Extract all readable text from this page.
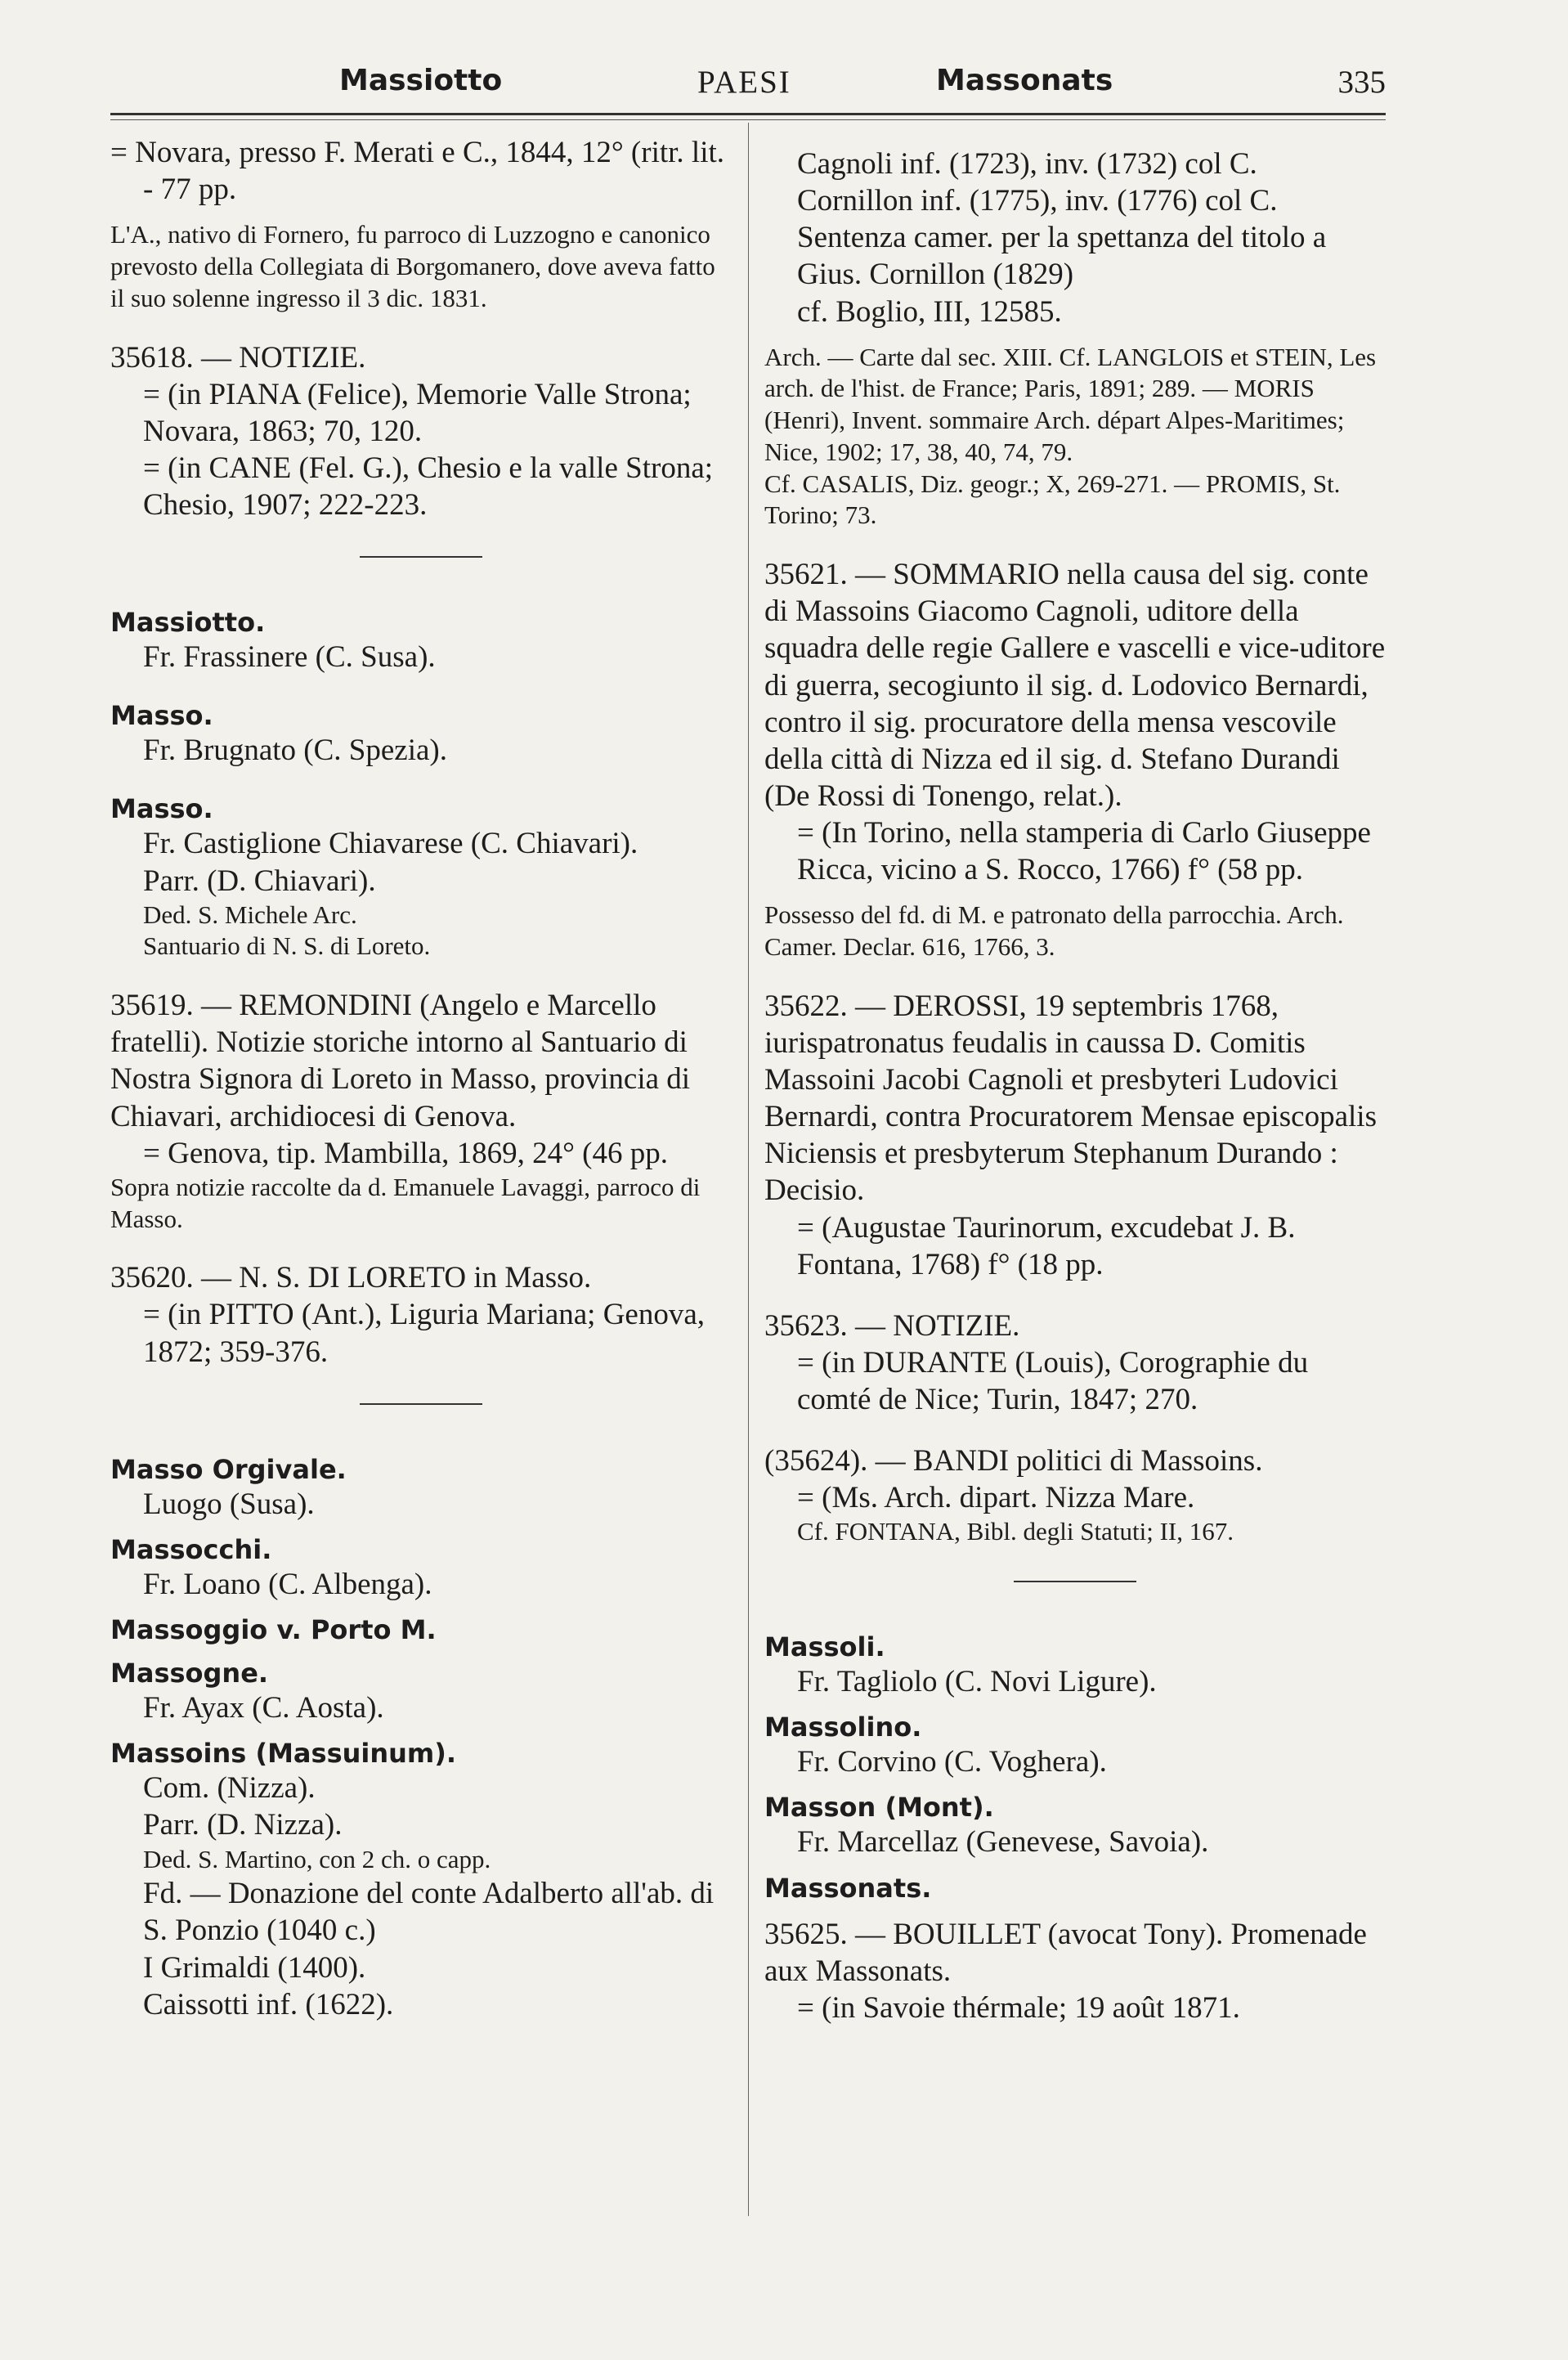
Massiotto	PAESI	Massonats	335

= Novara, presso F. Merati e C., 1844, 12° (ritr. lit. - 77 pp.

L'A., nativo di Fornero, fu parroco di Luzzogno e canonico prevosto della Collegiata di Borgomanero, dove aveva fatto il suo solenne ingresso il 3 dic. 1831.

35618. — NOTIZIE.

= (in PIANA (Felice), Memorie Valle Strona; Novara, 1863; 70, 120.

= (in CANE (Fel. G.), Chesio e la valle Strona; Chesio, 1907; 222-223.

Massiotto.

Fr. Frassinere (C. Susa).

Masso.

Fr. Brugnato (C. Spezia).

Masso.

Fr. Castiglione Chiavarese (C. Chiavari).

Parr. (D. Chiavari).

Ded. S. Michele Arc.

Santuario di N. S. di Loreto.

35619. — REMONDINI (Angelo e Marcello fratelli). Notizie storiche intorno al Santuario di Nostra Signora di Loreto in Masso, provincia di Chiavari, archidiocesi di Genova.

= Genova, tip. Mambilla, 1869, 24° (46 pp.

Sopra notizie raccolte da d. Emanuele Lavaggi, parroco di Masso.

35620. — N. S. DI LORETO in Masso.

= (in PITTO (Ant.), Liguria Mariana; Genova, 1872; 359-376.

Masso Orgivale.

Luogo (Susa).

Massocchi.

Fr. Loano (C. Albenga).

Massoggio v. Porto M.

Massogne.

Fr. Ayax (C. Aosta).

Massoins (Massuinum).

Com. (Nizza).

Parr. (D. Nizza).

Ded. S. Martino, con 2 ch. o capp.

Fd. — Donazione del conte Adalberto all'ab. di S. Ponzio (1040 c.)

I Grimaldi (1400).

Caissotti inf. (1622).

Cagnoli inf. (1723), inv. (1732) col C.

Cornillon inf. (1775), inv. (1776) col C.

Sentenza camer. per la spettanza del titolo a Gius. Cornillon (1829)

cf. Boglio, III, 12585.

Arch. — Carte dal sec. XIII. Cf. LANGLOIS et STEIN, Les arch. de l'hist. de France; Paris, 1891; 289. — MORIS (Henri), Invent. sommaire Arch. départ Alpes-Maritimes; Nice, 1902; 17, 38, 40, 74, 79.

Cf. CASALIS, Diz. geogr.; X, 269-271. — PROMIS, St. Torino; 73.

35621. — SOMMARIO nella causa del sig. conte di Massoins Giacomo Cagnoli, uditore della squadra delle regie Gallere e vascelli e vice-uditore di guerra, secogiunto il sig. d. Lodovico Bernardi, contro il sig. procuratore della mensa vescovile della città di Nizza ed il sig. d. Stefano Durandi (De Rossi di Tonengo, relat.).

= (In Torino, nella stamperia di Carlo Giuseppe Ricca, vicino a S. Rocco, 1766) f° (58 pp.

Possesso del fd. di M. e patronato della parrocchia. Arch. Camer. Declar. 616, 1766, 3.

35622. — DEROSSI, 19 septembris 1768, iurispatronatus feudalis in caussa D. Comitis Massoini Jacobi Cagnoli et presbyteri Ludovici Bernardi, contra Procuratorem Mensae episcopalis Niciensis et presbyterum Stephanum Durando : Decisio.

= (Augustae Taurinorum, excudebat J. B. Fontana, 1768) f° (18 pp.

35623. — NOTIZIE.

= (in DURANTE (Louis), Corographie du comté de Nice; Turin, 1847; 270.

(35624). — BANDI politici di Massoins.

= (Ms. Arch. dipart. Nizza Mare.

Cf. FONTANA, Bibl. degli Statuti; II, 167.

Massoli.

Fr. Tagliolo (C. Novi Ligure).

Massolino.

Fr. Corvino (C. Voghera).

Masson (Mont).

Fr. Marcellaz (Genevese, Savoia).

Massonats.

35625. — BOUILLET (avocat Tony). Promenade aux Massonats.

= (in Savoie thérmale; 19 août 1871.
